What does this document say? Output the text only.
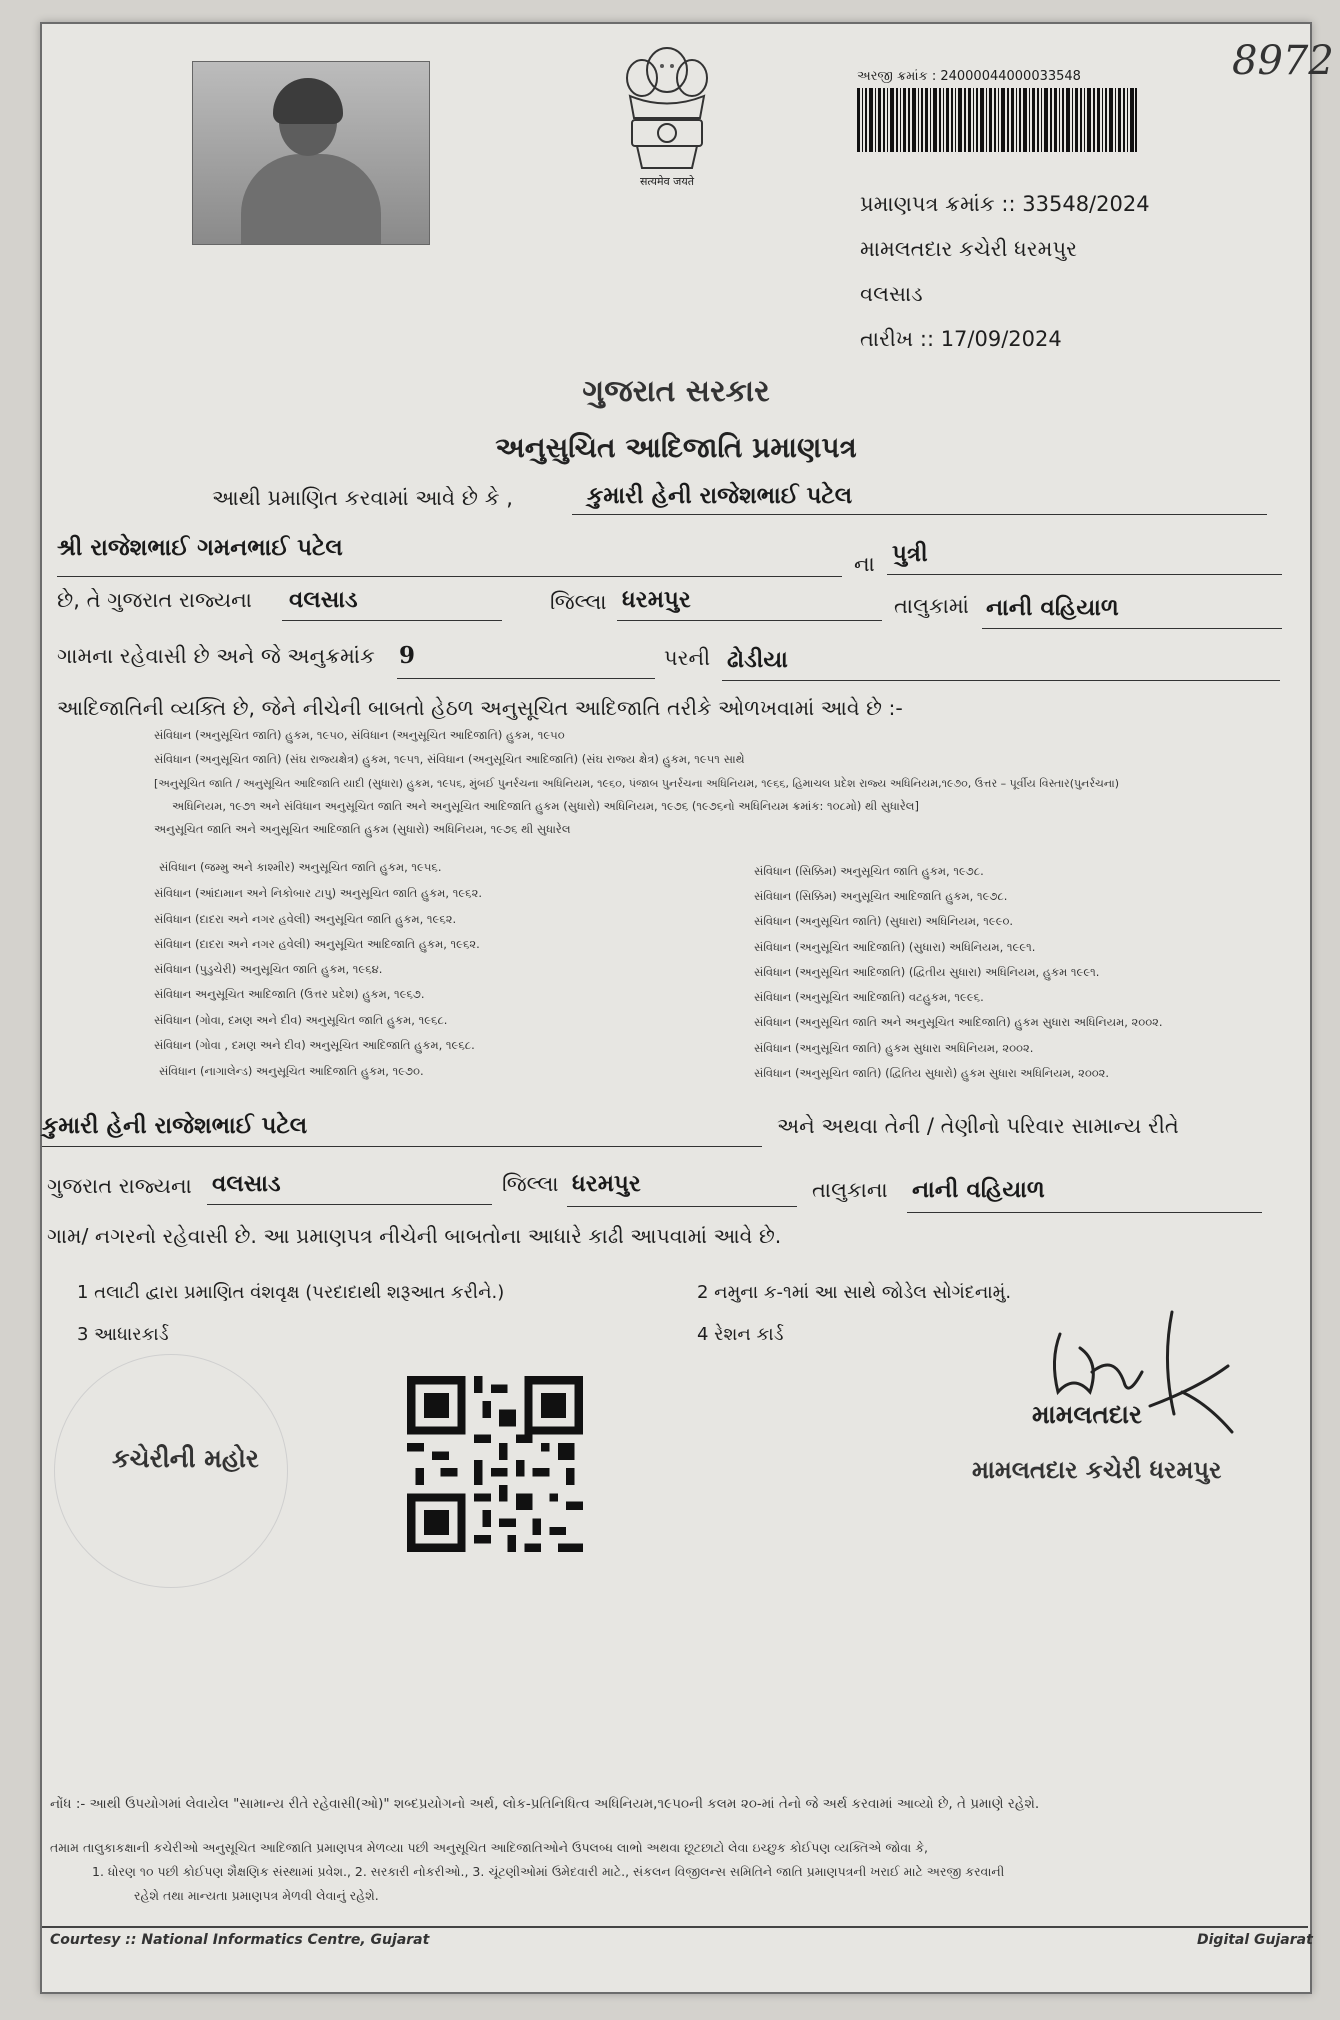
सत्यमेव जयते
8972
અરજી ક્રમાંક : 24000044000033548
પ્રમાણપત્ર ક્રમાંક :: 33548/2024
મામલતદાર કચેરી ધરમપુર
વલસાડ
તારીખ :: 17/09/2024
ગુજરાત સરકાર
અનુસુચિત આદિજાતિ પ્રમાણપત્ર
આથી પ્રમાણિત કરવામાં આવે છે કે ,	કુમારી હેની રાજેશભાઈ પટેલ
શ્રી રાજેશભાઈ ગમનભાઈ પટેલ
ના પુત્રી
છે, તે ગુજરાત રાજ્યના વલસાડ	જિલ્લા ધરમપુર	તાલુકામાં નાની વહિયાળ
ગામના રહેવાસી છે અને જે અનુક્રમાંક 9	પરની ઢોડીયા
આદિજાતિની વ્યક્તિ છે, જેને નીચેની બાબતો હેઠળ અનુસૂચિત આદિજાતિ તરીકે ઓળખવામાં આવે છે :-
સંવિધાન (અનુસૂચિત જાતિ) હુકમ, ૧૯૫૦, સંવિધાન (અનુસૂચિત આદિજાતિ) હુકમ, ૧૯૫૦
સંવિધાન (અનુસૂચિત જાતિ) (સંઘ રાજ્યક્ષેત્ર) હુકમ, ૧૯૫૧, સંવિધાન (અનુસૂચિત આદિજાતિ) (સંઘ રાજ્ય ક્ષેત્ર) હુકમ, ૧૯૫૧ સાથે
[અનુસૂચિત જાતિ / અનુસૂચિત આદિજાતિ યાદી (સુધારા) હુકમ, ૧૯૫૬, મુંબઈ પુનર્રચના અધિનિયમ, ૧૯૬૦, પંજાબ પુનર્રચના અધિનિયમ, ૧૯૬૬, હિમાચલ પ્રદેશ રાજ્ય અધિનિયમ,૧૯૭૦, ઉત્તર – પૂર્વીય વિસ્તાર(પુનર્રચના)
અધિનિયમ, ૧૯૭૧ અને સંવિધાન અનુસૂચિત જાતિ અને અનુસૂચિત આદિજાતિ હુકમ (સુધારો) અધિનિયમ, ૧૯૭૬ (૧૯૭૬નો અધિનિયમ ક્રમાંક: ૧૦૮મો) થી સુધારેલ]
અનુસૂચિત જાતિ અને અનુસૂચિત આદિજાતિ હુકમ (સુધારો) અધિનિયમ, ૧૯૭૬ થી સુધારેલ
સંવિધાન (જમ્મુ અને કાશ્મીર) અનુસૂચિત જાતિ હુકમ, ૧૯૫૬.
સંવિધાન (આંદામાન અને નિકોબાર ટાપુ) અનુસૂચિત જાતિ હુકમ, ૧૯૬૨.
સંવિધાન (દાદરા અને નગર હવેલી) અનુસૂચિત જાતિ હુકમ, ૧૯૬૨.
સંવિધાન (દાદરા અને નગર હવેલી) અનુસૂચિત આદિજાતિ હુકમ, ૧૯૬૨.
સંવિધાન (પુડુચેરી) અનુસૂચિત જાતિ હુકમ, ૧૯૬૪.
સંવિધાન અનુસૂચિત આદિજાતિ (ઉત્તર પ્રદેશ) હુકમ, ૧૯૬૭.
સંવિધાન (ગોવા, દમણ અને દીવ) અનુસૂચિત જાતિ હુકમ, ૧૯૬૮.
સંવિધાન (ગોવા , દમણ અને દીવ) અનુસૂચિત આદિજાતિ હુકમ, ૧૯૬૮.
સંવિધાન (નાગાલેન્ડ) અનુસૂચિત આદિજાતિ હુકમ, ૧૯૭૦.
સંવિધાન (સિક્કિમ) અનુસૂચિત જાતિ હુકમ, ૧૯૭૮.
સંવિધાન (સિક્કિમ) અનુસૂચિત આદિજાતિ હુકમ, ૧૯૭૮.
સંવિધાન (અનુસૂચિત જાતિ) (સુધારા) અધિનિયમ, ૧૯૯૦.
સંવિધાન (અનુસૂચિત આદિજાતિ) (સુધારા) અધિનિયમ, ૧૯૯૧.
સંવિધાન (અનુસૂચિત આદિજાતિ) (દ્વિતીય સુધારા) અધિનિયમ, હુકમ ૧૯૯૧.
સંવિધાન (અનુસૂચિત આદિજાતિ) વટહુકમ, ૧૯૯૬.
સંવિધાન (અનુસૂચિત જાતિ અને અનુસૂચિત આદિજાતિ) હુકમ સુધારા અધિનિયમ, ૨૦૦૨.
સંવિધાન (અનુસૂચિત જાતિ) હુકમ સુધારા અધિનિયમ, ૨૦૦૨.
સંવિધાન (અનુસૂચિત જાતિ) (દ્વિતિય સુધારો) હુકમ સુધારા અધિનિયમ, ૨૦૦૨.
કુમારી હેની રાજેશભાઈ પટેલ	અને અથવા તેની / તેણીનો પરિવાર સામાન્ય રીતે
ગુજરાત રાજ્યના વલસાડ	જિલ્લા ધરમપુર	તાલુકાના નાની વહિયાળ
ગામ/ નગરનો રહેવાસી છે. આ પ્રમાણપત્ર નીચેની બાબતોના આધારે કાઢી આપવામાં આવે છે.
1 તલાટી દ્વારા પ્રમાણિત વંશવૃક્ષ (પરદાદાથી શરૂઆત કરીને.)	2 નમુના ક-૧માં આ સાથે જોડેલ સોગંદનામું.
3 આધારકાર્ડ	4 રેશન કાર્ડ
કચેરીની મહોર
મામલતદાર
મામલતદાર કચેરી ધરમપુર
નોંધ :- આથી ઉપયોગમાં લેવાયેલ "સામાન્ય રીતે રહેવાસી(ઓ)" શબ્દપ્રયોગનો અર્થ, લોક-પ્રતિનિધિત્વ અધિનિયમ,૧૯૫૦ની કલમ ૨૦-માં તેનો જે અર્થ કરવામાં આવ્યો છે, તે પ્રમાણે રહેશે.
તમામ તાલુકાકક્ષાની કચેરીઓ અનુસૂચિત આદિજાતિ પ્રમાણપત્ર મેળવ્યા પછી અનુસૂચિત આદિજાતિઓને ઉપલબ્ધ લાભો અથવા છૂટછાટો લેવા ઇચ્છુક કોઈપણ વ્યક્તિએ જોવા કે,
1. ધોરણ ૧૦ પછી કોઈપણ શૈક્ષણિક સંસ્થામાં પ્રવેશ., 2. સરકારી નોકરીઓ., 3. ચૂંટણીઓમાં ઉમેદવારી માટે., સંકલન વિજીલન્સ સમિતિને જાતિ પ્રમાણપત્રની ખરાઈ માટે અરજી કરવાની
રહેશે તથા માન્યતા પ્રમાણપત્ર મેળવી લેવાનું રહેશે.
Courtesy :: National Informatics Centre, Gujarat	Digital Gujarat
